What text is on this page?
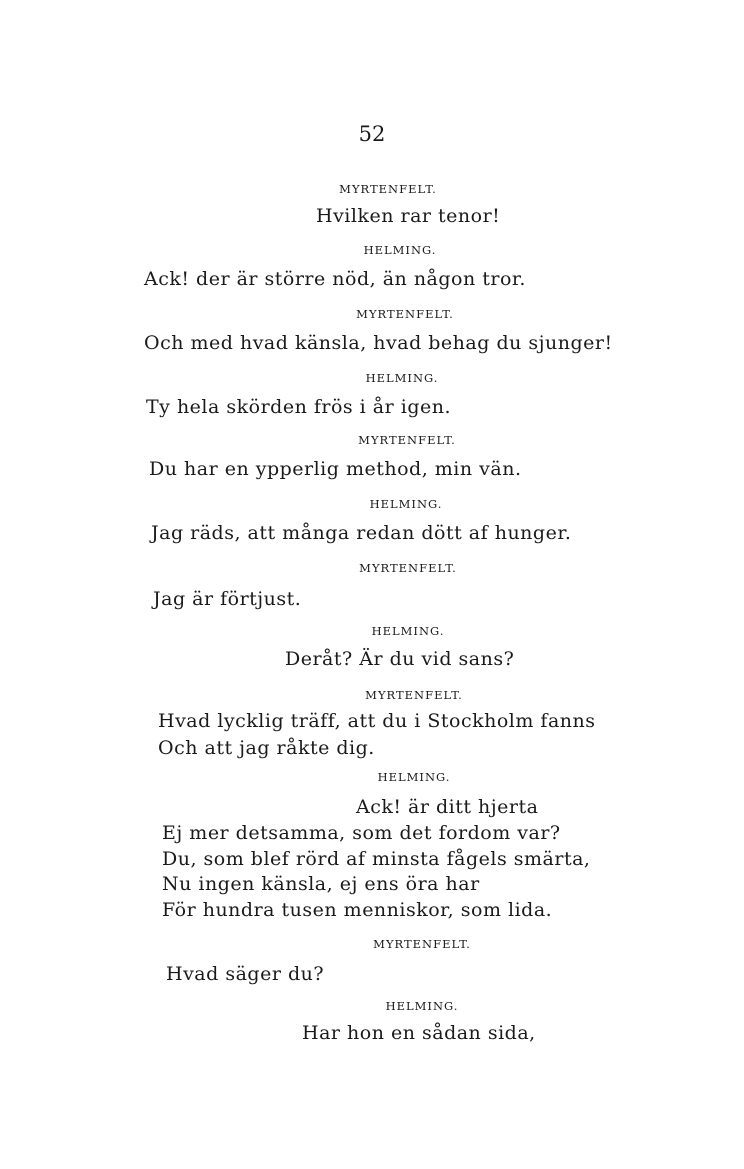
52
MYRTENFELT.
Hvilken rar tenor!
HELMING.
Ack! der är större nöd, än någon tror.
MYRTENFELT.
Och med hvad känsla, hvad behag du sjunger!
HELMING.
Ty hela skörden frös i år igen.
MYRTENFELT.
Du har en ypperlig method, min vän.
HELMING.
Jag räds, att många redan dött af hunger.
MYRTENFELT.
Jag är förtjust.
HELMING.
Deråt? Är du vid sans?
MYRTENFELT.
Hvad lycklig träff, att du i Stockholm fanns
Och att jag råkte dig.
HELMING.
Ack! är ditt hjerta
Ej mer detsamma, som det fordom var?
Du, som blef rörd af minsta fågels smärta,
Nu ingen känsla, ej ens öra har
För hundra tusen menniskor, som lida.
MYRTENFELT.
Hvad säger du?
HELMING.
Har hon en sådan sida,
